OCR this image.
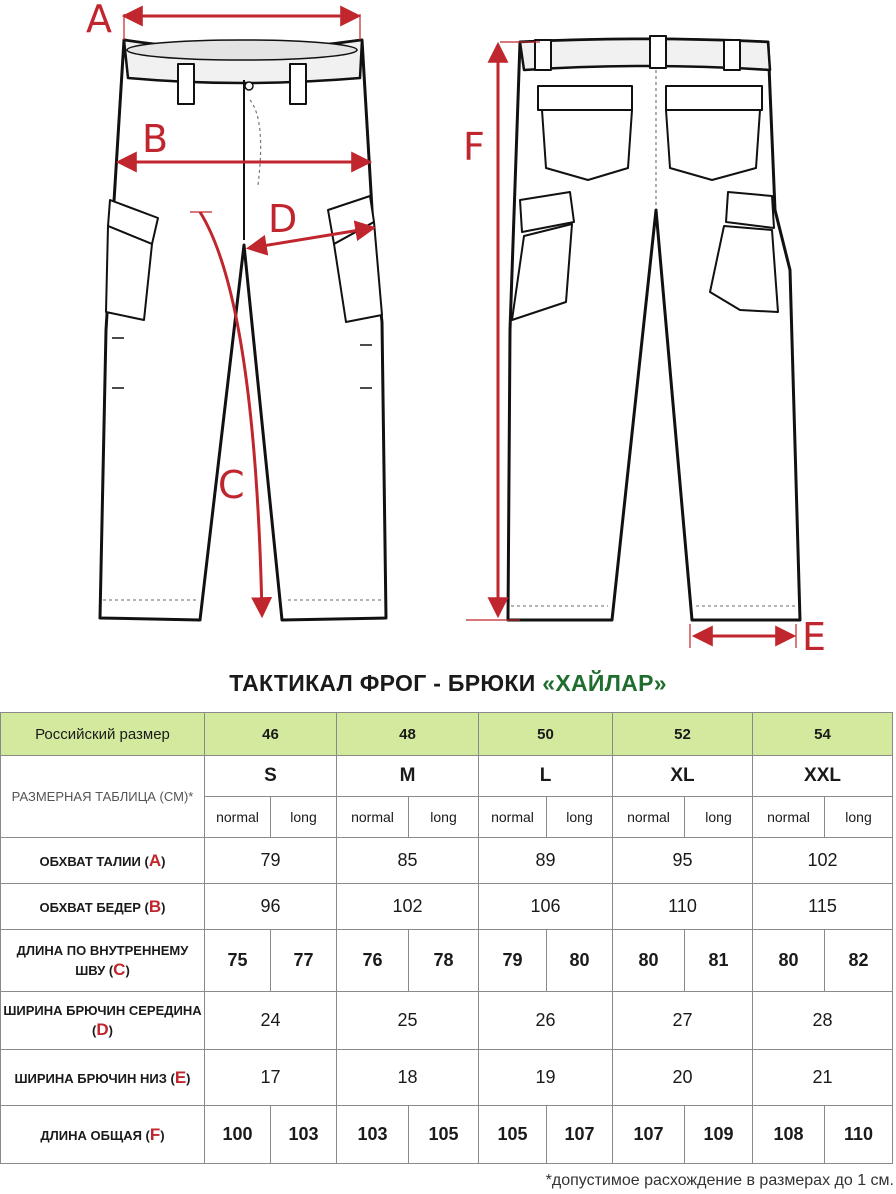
A
B
D
C
F
E
ТАКТИКАЛ ФРОГ - БРЮКИ «ХАЙЛАР»
Российский размер	46		48		50		52		54	
РАЗМЕРНАЯ ТАБЛИЦА (СМ)*	S		M		L		XL		XXL	
	normal	long	normal	long	normal	long	normal	long	normal	long
ОБХВАТ ТАЛИИ (A)	79		85		89		95		102	
ОБХВАТ БЕДЕР (B)	96		102		106		110		115	
ДЛИНА ПО ВНУТРЕННЕМУ ШВУ (C)	75	77	76	78	79	80	80	81	80	82
ШИРИНА БРЮЧИН СЕРЕДИНА (D)	24		25		26		27		28	
ШИРИНА БРЮЧИН НИЗ (E)	17		18		19		20		21	
ДЛИНА ОБЩАЯ (F)	100	103	103	105	105	107	107	109	108	110
*допустимое расхождение в размерах до 1 см.
